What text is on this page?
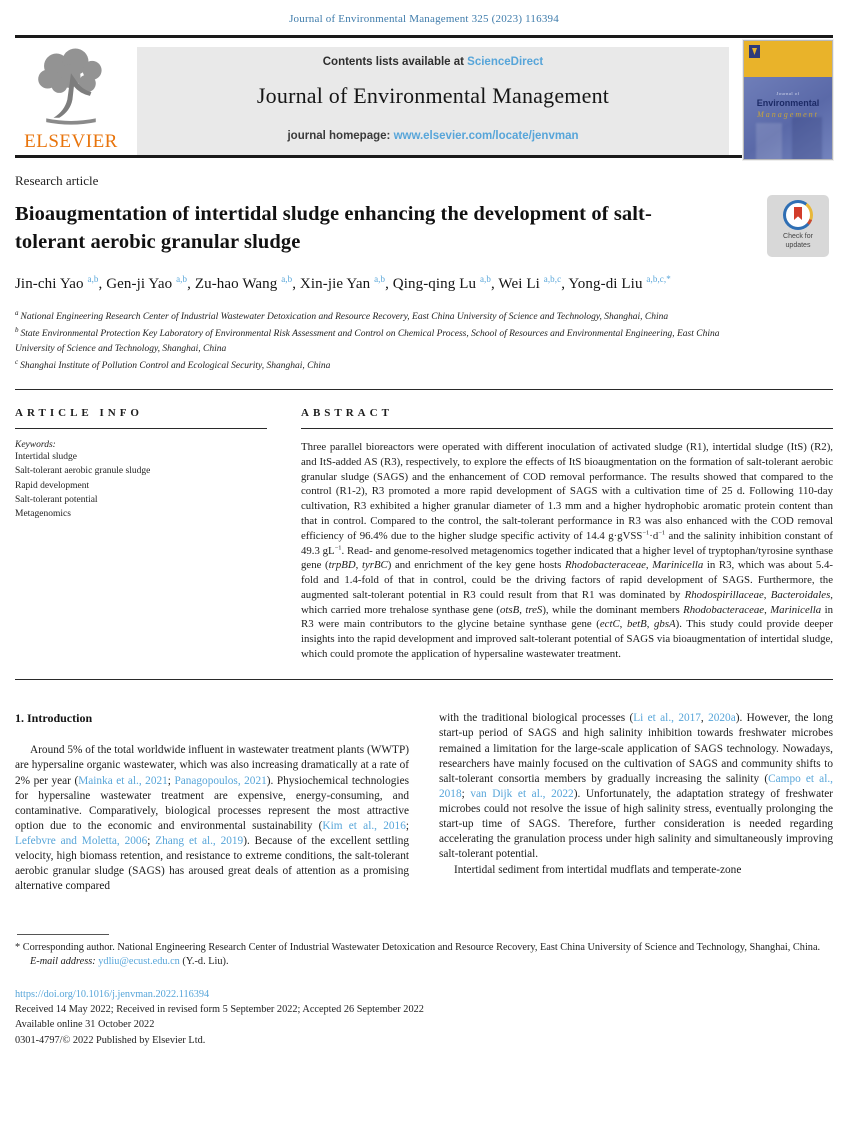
Journal of Environmental Management 325 (2023) 116394
ELSEVIER
Contents lists available at ScienceDirect
Journal of Environmental Management
journal homepage: www.elsevier.com/locate/jenvman
Journal of
Environmental
Management
Research article
Bioaugmentation of intertidal sludge enhancing the development of salt-tolerant aerobic granular sludge	Check for updates
Jin-chi Yao $^{a,b}$, Gen-ji Yao $^{a,b}$, Zu-hao Wang $^{a,b}$, Xin-jie Yan $^{a,b}$, Qing-qing Lu $^{a,b}$, Wei Li $^{a,b,c}$, Yong-di Liu $^{a,b,c,*}$
$^a$ National Engineering Research Center of Industrial Wastewater Detoxication and Resource Recovery, East China University of Science and Technology, Shanghai, China
$^b$ State Environmental Protection Key Laboratory of Environmental Risk Assessment and Control on Chemical Process, School of Resources and Environmental Engineering, East China University of Science and Technology, Shanghai, China
$^c$ Shanghai Institute of Pollution Control and Ecological Security, Shanghai, China
ARTICLE INFO
Keywords:
Intertidal sludge
Salt-tolerant aerobic granule sludge
Rapid development
Salt-tolerant potential
Metagenomics
ABSTRACT
Three parallel bioreactors were operated with different inoculation of activated sludge (R1), intertidal sludge (ItS) (R2), and ItS-added AS (R3), respectively, to explore the effects of ItS bioaugmentation on the formation of salt-tolerant aerobic granular sludge (SAGS) and the enhancement of COD removal performance. The results showed that compared to the control (R1-2), R3 promoted a more rapid development of SAGS with a cultivation time of 25 d. Following 110-day cultivation, R3 exhibited a higher granular diameter of 1.3 mm and a higher hydrophobic aromatic protein content than that in control. Compared to the control, the salt-tolerant performance in R3 was also enhanced with the COD removal efficiency of 96.4% due to the higher sludge specific activity of 14.4 $g\cdot gVSS^{-1}\cdot d^{-1}$ and the salinity inhibition constant of 49.3 $gL^{-1}$. Read- and genome-resolved metagenomics together indicated that a higher level of tryptophan/tyrosine synthase gene (trpBD, tyrBC) and enrichment of the key gene hosts Rhodobacteraceae, Marinicella in R3, which was about 5.4-fold and 1.4-fold of that in control, could be the driving factors of rapid development of SAGS. Furthermore, the augmented salt-tolerant potential in R3 could result from that R1 was dominated by Rhodospirillaceae, Bacteroidales, which carried more trehalose synthase gene (otsB, treS), while the dominant members Rhodobacteraceae, Marinicella in R3 were main contributors to the glycine betaine synthase gene (ectC, betB, gbsA). This study could provide deeper insights into the rapid development and improved salt-tolerant potential of SAGS via bioaugmentation of intertidal sludge, which could promote the application of hypersaline wastewater treatment.
1. Introduction

Around 5% of the total worldwide influent in wastewater treatment plants (WWTP) are hypersaline organic wastewater, which was also increasing dramatically at a rate of 2% per year (Mainka et al., 2021; Panagopoulos, 2021). Physiochemical technologies for hypersaline wastewater treatment are expensive, energy-consuming, and contaminative. Comparatively, biological processes represent the most attractive option due to the economic and environmental sustainability (Kim et al., 2016; Lefebvre and Moletta, 2006; Zhang et al., 2019). Because of the excellent settling velocity, high biomass retention, and resistance to extreme conditions, the salt-tolerant aerobic granular sludge (SAGS) has aroused great deals of attention as a promising alternative compared

with the traditional biological processes (Li et al., 2017, 2020a). However, the long start-up period of SAGS and high salinity inhibition towards freshwater microbes remained a limitation for the large-scale application of SAGS technology. Nowadays, researchers have mainly focused on the cultivation of SAGS and community shifts to salt-tolerant consortia members by gradually increasing the salinity (Campo et al., 2018; van Dijk et al., 2022). Unfortunately, the adaptation strategy of freshwater microbes could not resolve the issue of high salinity stress, eventually prolonging the start-up time of SAGS. Therefore, further consideration is needed regarding accelerating the granulation process under high salinity and simultaneously improving salt-tolerant potential.

Intertidal sediment from intertidal mudflats and temperate-zone

* Corresponding author. National Engineering Research Center of Industrial Wastewater Detoxication and Resource Recovery, East China University of Science and Technology, Shanghai, China.
E-mail address: ydliu@ecust.edu.cn (Y.-d. Liu).
https://doi.org/10.1016/j.jenvman.2022.116394
Received 14 May 2022; Received in revised form 5 September 2022; Accepted 26 September 2022
Available online 31 October 2022
0301-4797/© 2022 Published by Elsevier Ltd.
